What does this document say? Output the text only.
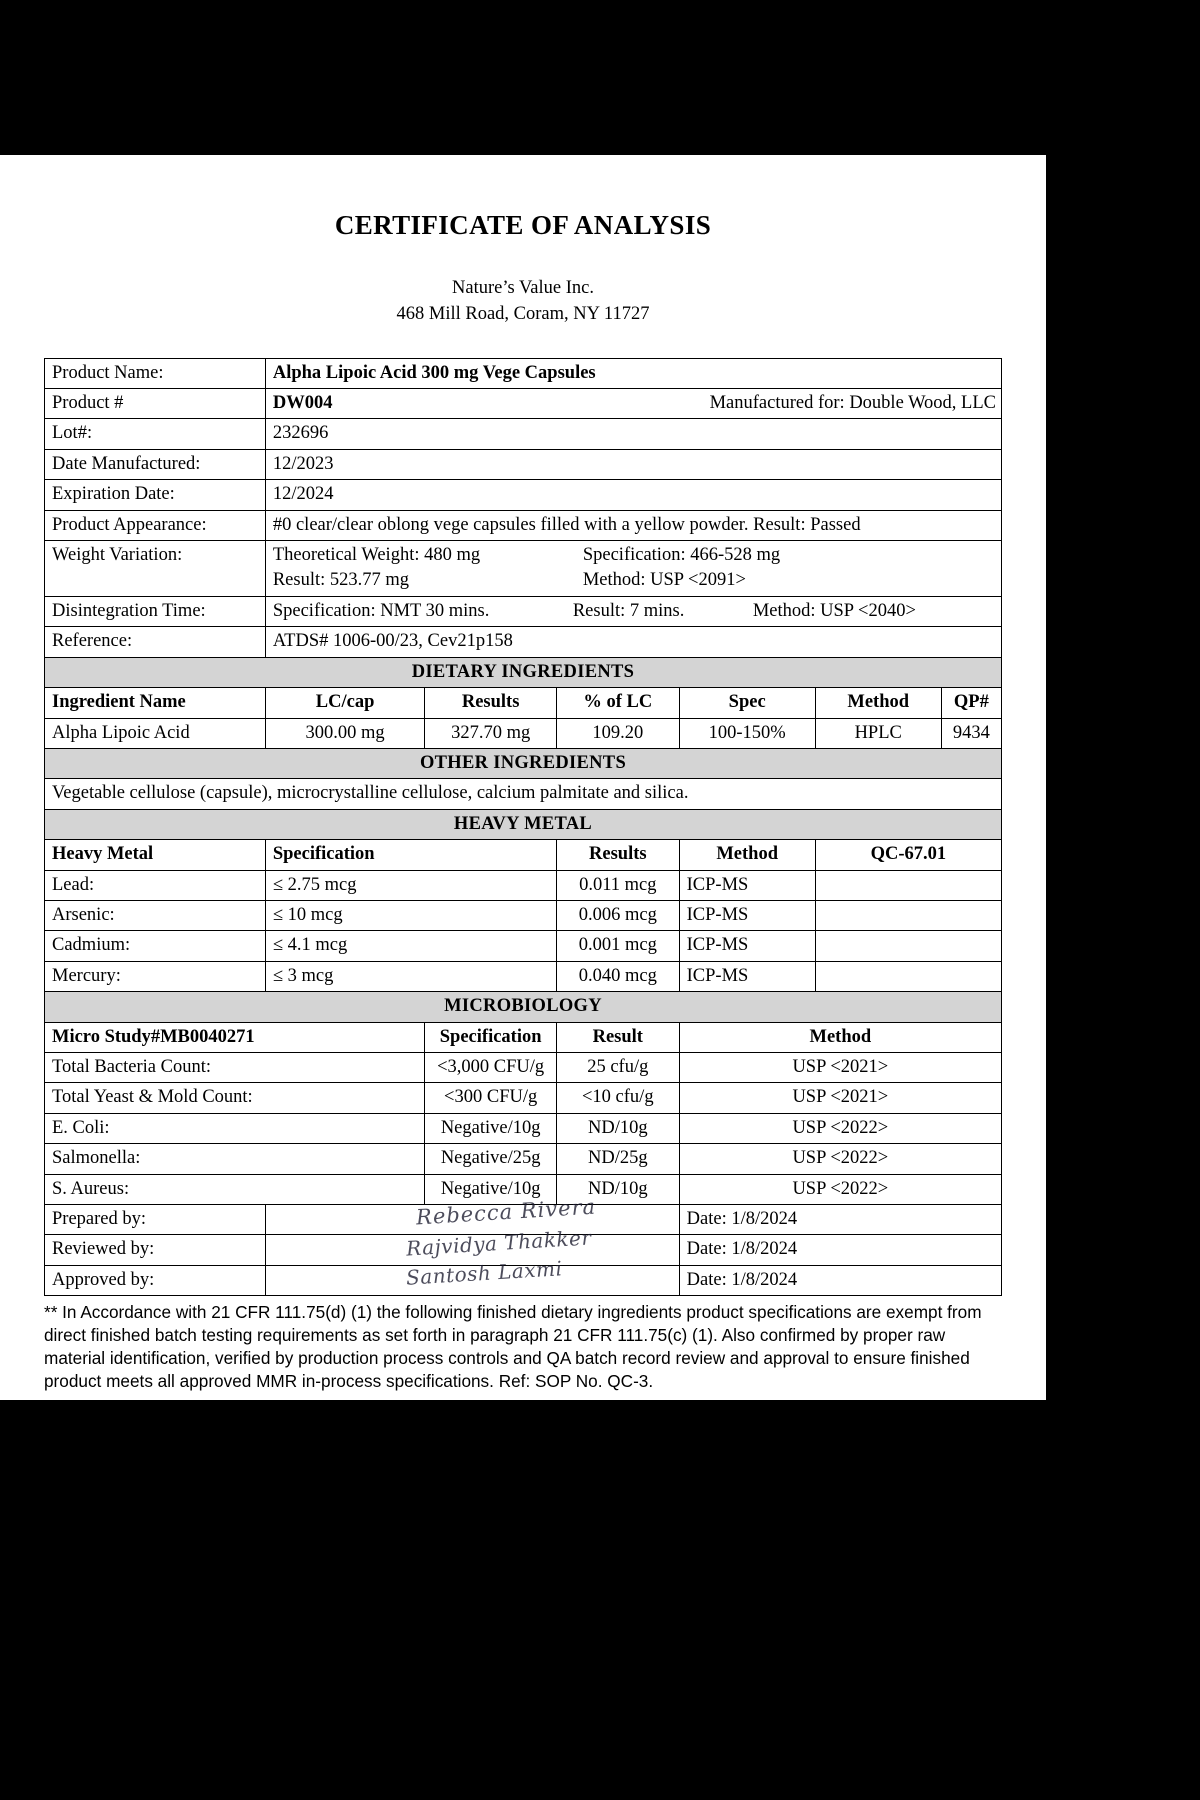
CERTIFICATE OF ANALYSIS
Nature’s Value Inc.
468 Mill Road, Coram, NY 11727
Product Name:	Alpha Lipoic Acid 300 mg Vege Capsules					
Product #	DW004 Manufactured for: Double Wood, LLC					

Lot#:	232696					
Date Manufactured:	12/2023					
Expiration Date:	12/2024					
Product Appearance:	#0 clear/clear oblong vege capsules filled with a yellow powder. Result: Passed					
Weight Variation:	Theoretical Weight: 480 mg Specification: 466-528 mg
Result: 523.77 mg Method: USP <2091>					

Disintegration Time:	Specification: NMT 30 mins. Result: 7 mins. Method: USP <2040>					

Reference:	ATDS# 1006-00/23, Cev21p158					
DIETARY INGREDIENTS						
Ingredient Name	LC/cap	Results	% of LC	Spec	Method	QP#
Alpha Lipoic Acid	300.00 mg	327.70 mg	109.20	100-150%	HPLC	9434
OTHER INGREDIENTS						
Vegetable cellulose (capsule), microcrystalline cellulose, calcium palmitate and silica.						
HEAVY METAL						
Heavy Metal	Specification		Results	Method	QC-67.01	
Lead:	≤ 2.75 mcg		0.011 mcg	ICP-MS		
Arsenic:	≤ 10 mcg		0.006 mcg	ICP-MS		
Cadmium:	≤ 4.1 mcg		0.001 mcg	ICP-MS		
Mercury:	≤ 3 mcg		0.040 mcg	ICP-MS		
MICROBIOLOGY						
Micro Study#MB0040271		Specification	Result	Method		
Total Bacteria Count:		<3,000 CFU/g	25 cfu/g	USP <2021>		
Total Yeast & Mold Count:		<300 CFU/g	<10 cfu/g	USP <2021>		
E. Coli:		Negative/10g	ND/10g	USP <2022>		
Salmonella:		Negative/25g	ND/25g	USP <2022>		
S. Aureus:		Negative/10g	ND/10g	USP <2022>		
Prepared by:	Rebecca Rivera			Date: 1/8/2024		
Reviewed by:	Rajvidya Thakker			Date: 1/8/2024		
Approved by:	Santosh Laxmi			Date: 1/8/2024		
** In Accordance with 21 CFR 111.75(d) (1) the following finished dietary ingredients product specifications are exempt from direct finished batch testing requirements as set forth in paragraph 21 CFR 111.75(c) (1). Also confirmed by proper raw material identification, verified by production process controls and QA batch record review and approval to ensure finished product meets all approved MMR in-process specifications. Ref: SOP No. QC-3.
